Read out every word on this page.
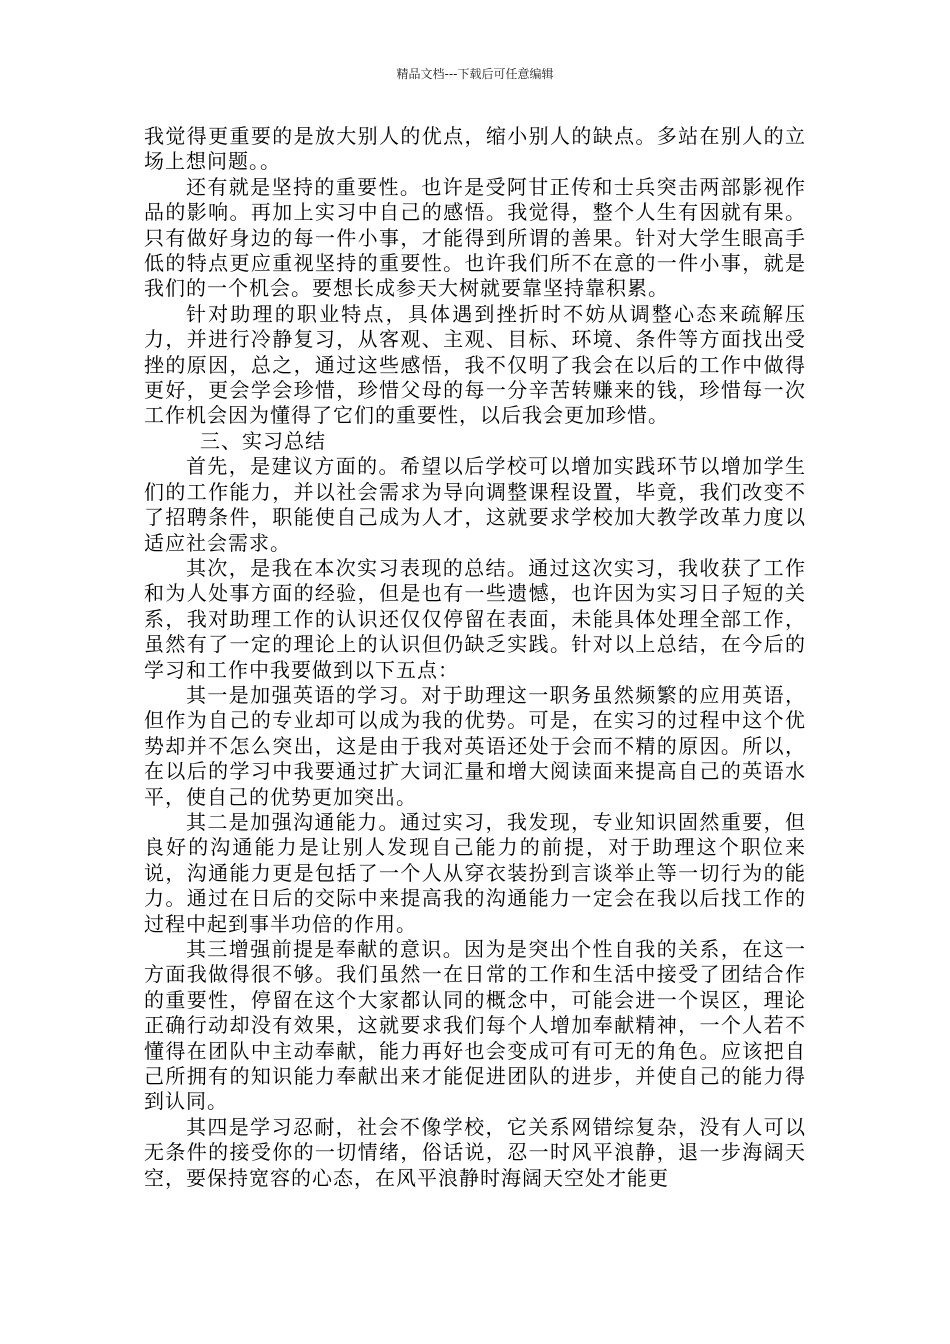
精品文档---下载后可任意编辑

我觉得更重要的是放大别人的优点，缩小别人的缺点。多站在别人的立场上想问题。。

还有就是坚持的重要性。也许是受阿甘正传和士兵突击两部影视作品的影响。再加上实习中自己的感悟。我觉得，整个人生有因就有果。只有做好身边的每一件小事，才能得到所谓的善果。针对大学生眼高手低的特点更应重视坚持的重要性。也许我们所不在意的一件小事，就是我们的一个机会。要想长成参天大树就要靠坚持靠积累。

针对助理的职业特点，具体遇到挫折时不妨从调整心态来疏解压力，并进行冷静复习，从客观、主观、目标、环境、条件等方面找出受挫的原因，总之，通过这些感悟，我不仅明了我会在以后的工作中做得更好，更会学会珍惜，珍惜父母的每一分辛苦转赚来的钱，珍惜每一次工作机会因为懂得了它们的重要性，以后我会更加珍惜。

三、实习总结

首先，是建议方面的。希望以后学校可以增加实践环节以增加学生们的工作能力，并以社会需求为导向调整课程设置，毕竟，我们改变不了招聘条件，职能使自己成为人才，这就要求学校加大教学改革力度以适应社会需求。

其次，是我在本次实习表现的总结。通过这次实习，我收获了工作和为人处事方面的经验，但是也有一些遗憾，也许因为实习日子短的关系，我对助理工作的认识还仅仅停留在表面，未能具体处理全部工作，虽然有了一定的理论上的认识但仍缺乏实践。针对以上总结，在今后的学习和工作中我要做到以下五点：

其一是加强英语的学习。对于助理这一职务虽然频繁的应用英语，但作为自己的专业却可以成为我的优势。可是，在实习的过程中这个优势却并不怎么突出，这是由于我对英语还处于会而不精的原因。所以，在以后的学习中我要通过扩大词汇量和增大阅读面来提高自己的英语水平，使自己的优势更加突出。

其二是加强沟通能力。通过实习，我发现，专业知识固然重要，但良好的沟通能力是让别人发现自己能力的前提，对于助理这个职位来说，沟通能力更是包括了一个人从穿衣装扮到言谈举止等一切行为的能力。通过在日后的交际中来提高我的沟通能力一定会在我以后找工作的过程中起到事半功倍的作用。

其三增强前提是奉献的意识。因为是突出个性自我的关系，在这一方面我做得很不够。我们虽然一在日常的工作和生活中接受了团结合作的重要性，停留在这个大家都认同的概念中，可能会进一个误区，理论正确行动却没有效果，这就要求我们每个人增加奉献精神，一个人若不懂得在团队中主动奉献，能力再好也会变成可有可无的角色。应该把自己所拥有的知识能力奉献出来才能促进团队的进步，并使自己的能力得到认同。

其四是学习忍耐，社会不像学校，它关系网错综复杂，没有人可以无条件的接受你的一切情绪，俗话说，忍一时风平浪静，退一步海阔天空，要保持宽容的心态，在风平浪静时海阔天空处才能更
